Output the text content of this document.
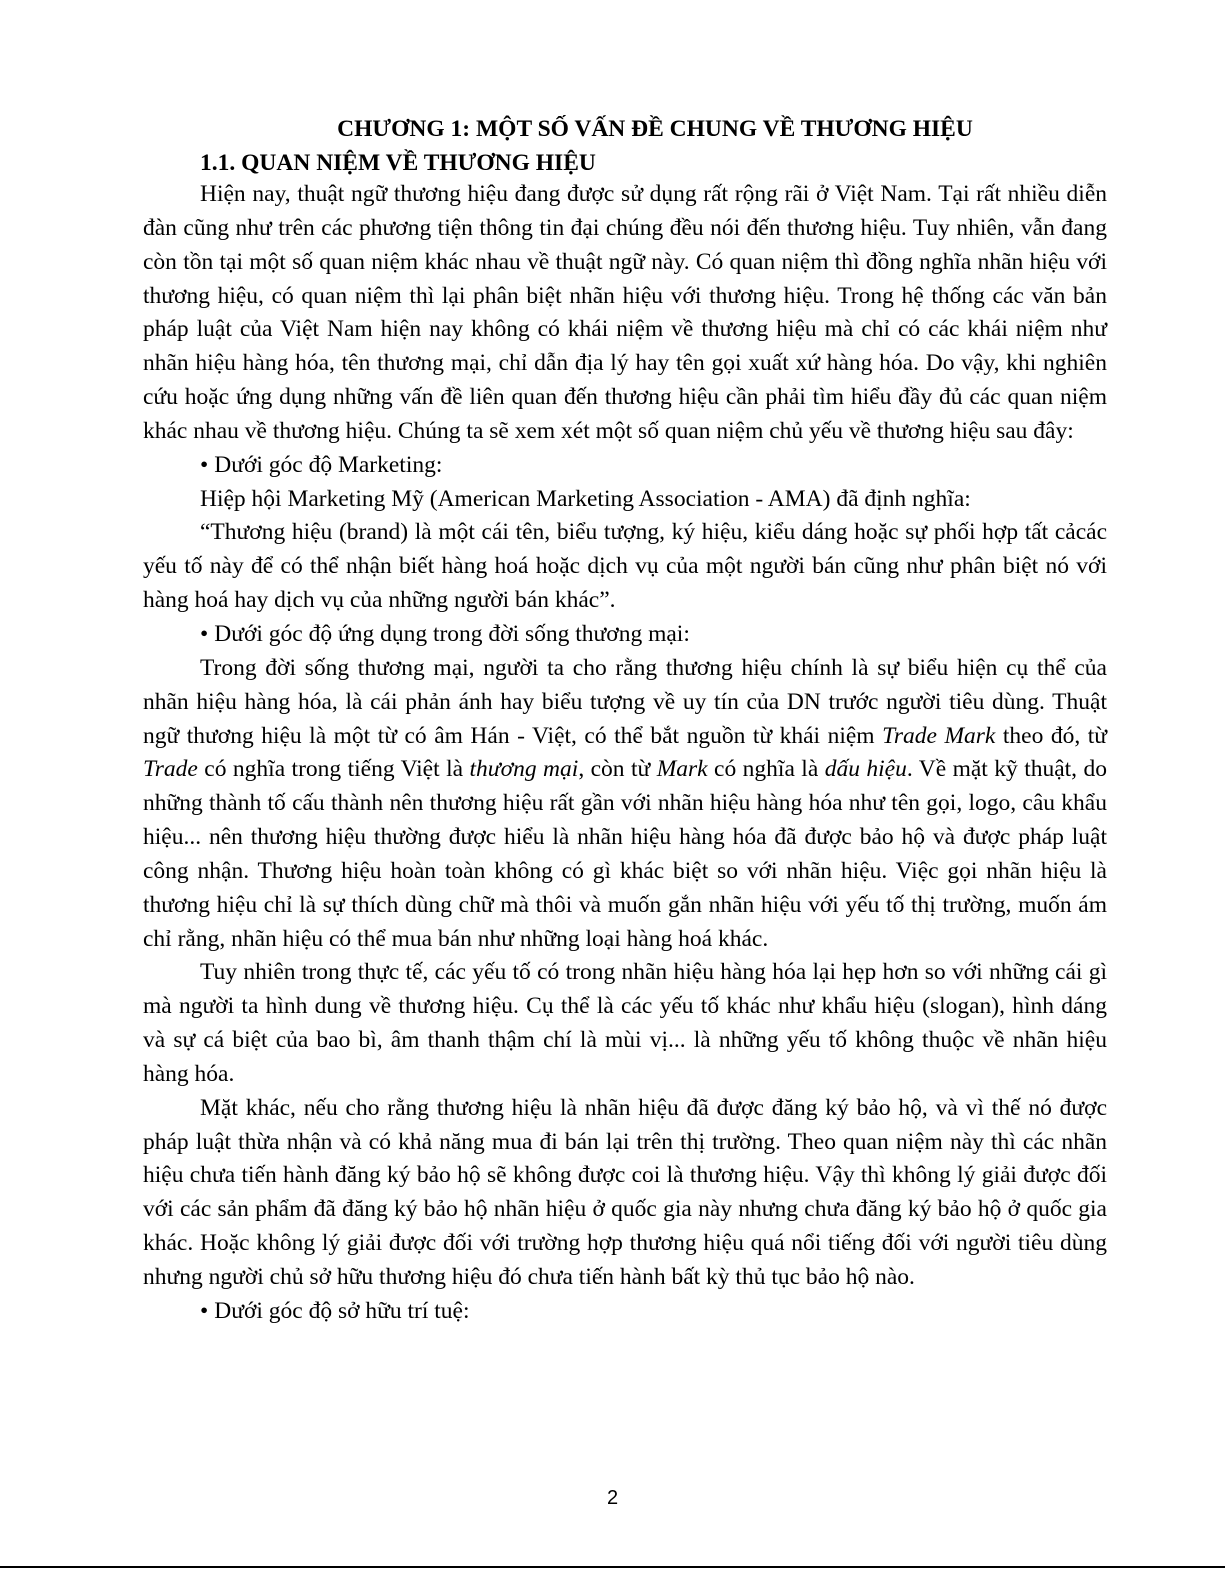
CHƯƠNG 1: MỘT SỐ VẤN ĐỀ CHUNG VỀ THƯƠNG HIỆU
1.1. QUAN NIỆM VỀ THƯƠNG HIỆU

Hiện nay, thuật ngữ thương hiệu đang được sử dụng rất rộng rãi ở Việt Nam. Tại rất nhiều diễn đàn cũng như trên các phương tiện thông tin đại chúng đều nói đến thương hiệu. Tuy nhiên, vẫn đang còn tồn tại một số quan niệm khác nhau về thuật ngữ này. Có quan niệm thì đồng nghĩa nhãn hiệu với thương hiệu, có quan niệm thì lại phân biệt nhãn hiệu với thương hiệu. Trong hệ thống các văn bản pháp luật của Việt Nam hiện nay không có khái niệm về thương hiệu mà chỉ có các khái niệm như nhãn hiệu hàng hóa, tên thương mại, chỉ dẫn địa lý hay tên gọi xuất xứ hàng hóa. Do vậy, khi nghiên cứu hoặc ứng dụng những vấn đề liên quan đến thương hiệu cần phải tìm hiểu đầy đủ các quan niệm khác nhau về thương hiệu. Chúng ta sẽ xem xét một số quan niệm chủ yếu về thương hiệu sau đây:

• Dưới góc độ Marketing:

Hiệp hội Marketing Mỹ (American Marketing Association - AMA) đã định nghĩa:

“Thương hiệu (brand) là một cái tên, biểu tượng, ký hiệu, kiểu dáng hoặc sự phối hợp tất cảcác yếu tố này để có thể nhận biết hàng hoá hoặc dịch vụ của một người bán cũng như phân biệt nó với hàng hoá hay dịch vụ của những người bán khác”.

• Dưới góc độ ứng dụng trong đời sống thương mại:

Trong đời sống thương mại, người ta cho rằng thương hiệu chính là sự biểu hiện cụ thể của nhãn hiệu hàng hóa, là cái phản ánh hay biểu tượng về uy tín của DN trước người tiêu dùng. Thuật ngữ thương hiệu là một từ có âm Hán - Việt, có thể bắt nguồn từ khái niệm Trade Mark theo đó, từ Trade có nghĩa trong tiếng Việt là thương mại, còn từ Mark có nghĩa là dấu hiệu. Về mặt kỹ thuật, do những thành tố cấu thành nên thương hiệu rất gần với nhãn hiệu hàng hóa như tên gọi, logo, câu khẩu hiệu... nên thương hiệu thường được hiểu là nhãn hiệu hàng hóa đã được bảo hộ và được pháp luật công nhận. Thương hiệu hoàn toàn không có gì khác biệt so với nhãn hiệu. Việc gọi nhãn hiệu là thương hiệu chỉ là sự thích dùng chữ mà thôi và muốn gắn nhãn hiệu với yếu tố thị trường, muốn ám chỉ rằng, nhãn hiệu có thể mua bán như những loại hàng hoá khác.

Tuy nhiên trong thực tế, các yếu tố có trong nhãn hiệu hàng hóa lại hẹp hơn so với những cái gì mà người ta hình dung về thương hiệu. Cụ thể là các yếu tố khác như khẩu hiệu (slogan), hình dáng và sự cá biệt của bao bì, âm thanh thậm chí là mùi vị... là những yếu tố không thuộc về nhãn hiệu hàng hóa.

Mặt khác, nếu cho rằng thương hiệu là nhãn hiệu đã được đăng ký bảo hộ, và vì thế nó được pháp luật thừa nhận và có khả năng mua đi bán lại trên thị trường. Theo quan niệm này thì các nhãn hiệu chưa tiến hành đăng ký bảo hộ sẽ không được coi là thương hiệu. Vậy thì không lý giải được đối với các sản phẩm đã đăng ký bảo hộ nhãn hiệu ở quốc gia này nhưng chưa đăng ký bảo hộ ở quốc gia khác. Hoặc không lý giải được đối với trường hợp thương hiệu quá nổi tiếng đối với người tiêu dùng nhưng người chủ sở hữu thương hiệu đó chưa tiến hành bất kỳ thủ tục bảo hộ nào.

• Dưới góc độ sở hữu trí tuệ:

2
